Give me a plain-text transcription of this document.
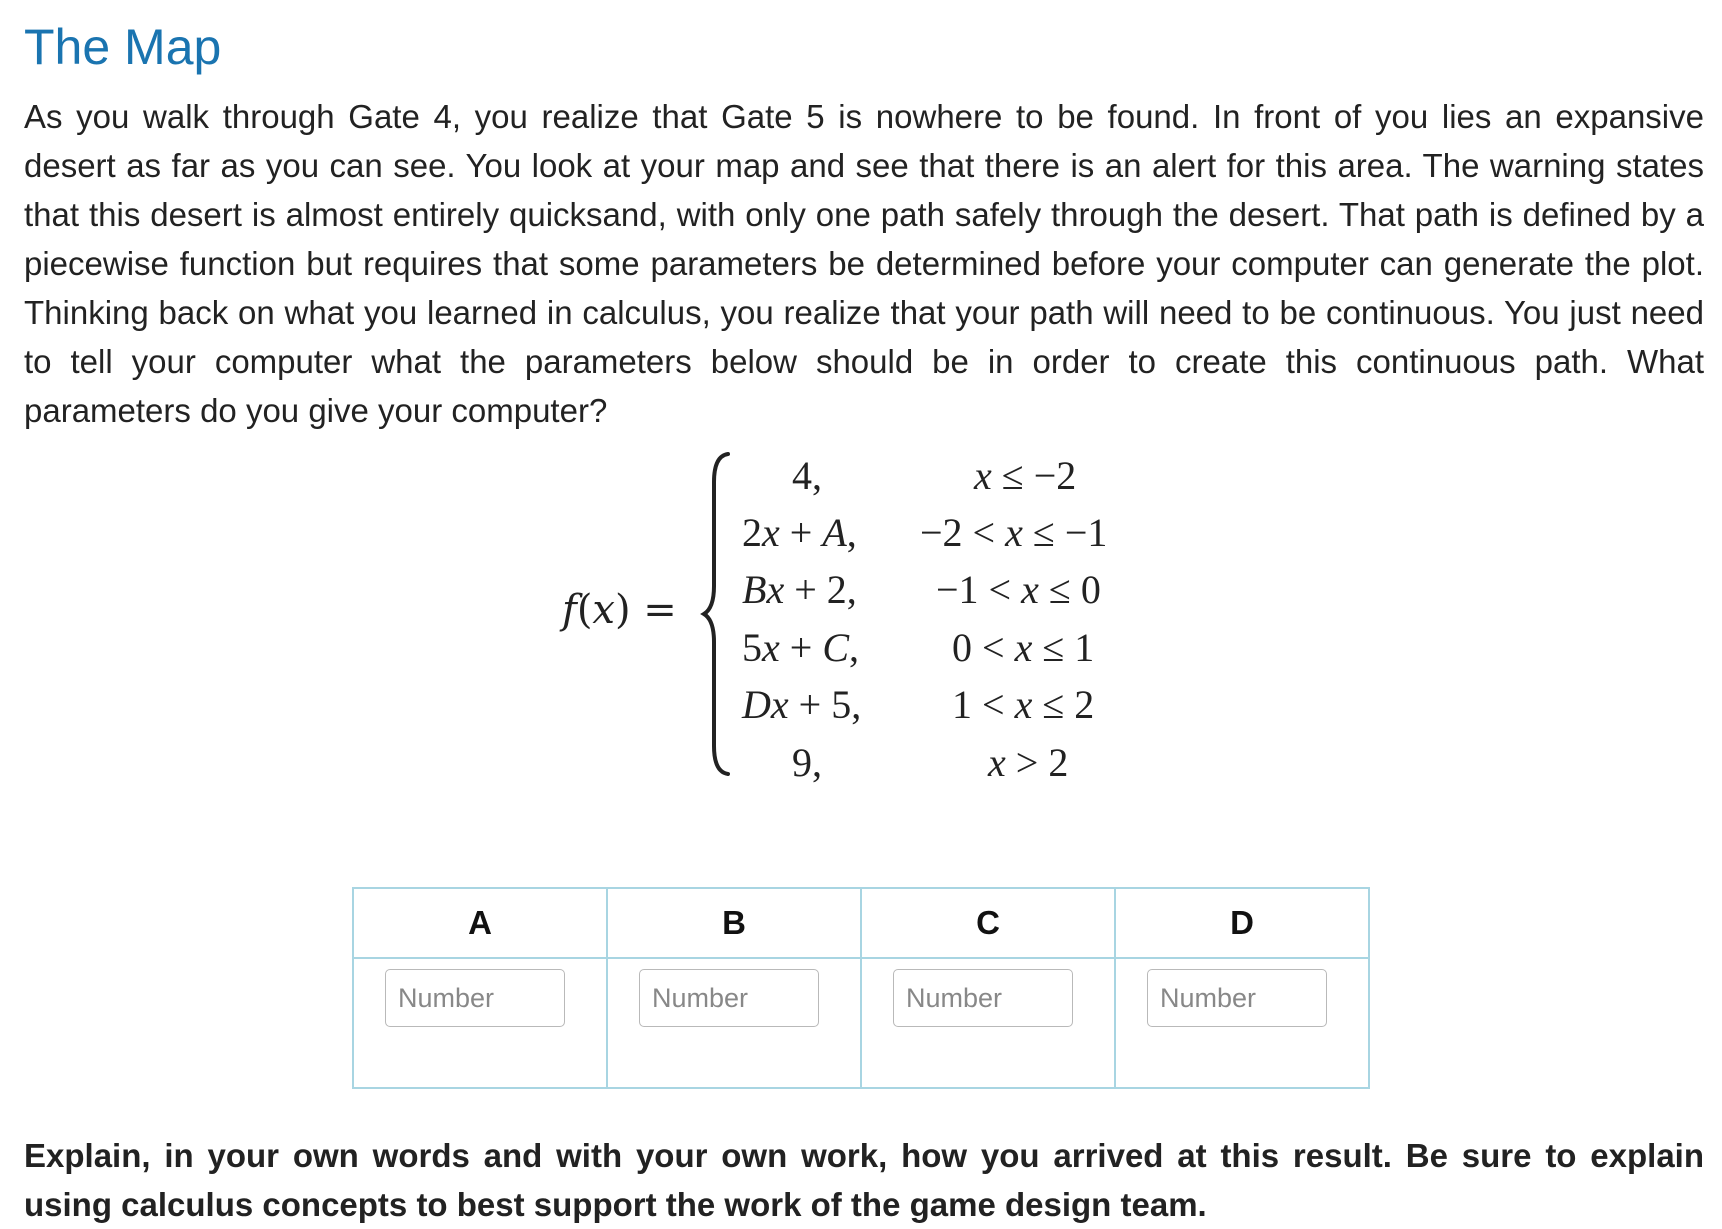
The Map

As you walk through Gate 4, you realize that Gate 5 is nowhere to be found. In front of you lies an expansive desert as far as you can see. You look at your map and see that there is an alert for this area. The warning states that this desert is almost entirely quicksand, with only one path safely through the desert. That path is defined by a piecewise function but requires that some parameters be determined before your computer can generate the plot. Thinking back on what you learned in calculus, you realize that your path will need to be continuous. You just need to tell your computer what the parameters below should be in order to create this continuous path. What parameters do you give your computer?

f(x) =
4,	x ≤ −2
2x + A, −2 < x ≤ −1
Bx + 2, −1 < x ≤ 0
5x + C, 0 < x ≤ 1
Dx + 5, 1 < x ≤ 2
9,	x > 2
A	B	C	D
Number	Number	Number	Number

Explain, in your own words and with your own work, how you arrived at this result. Be sure to explain using calculus concepts to best support the work of the game design team.
